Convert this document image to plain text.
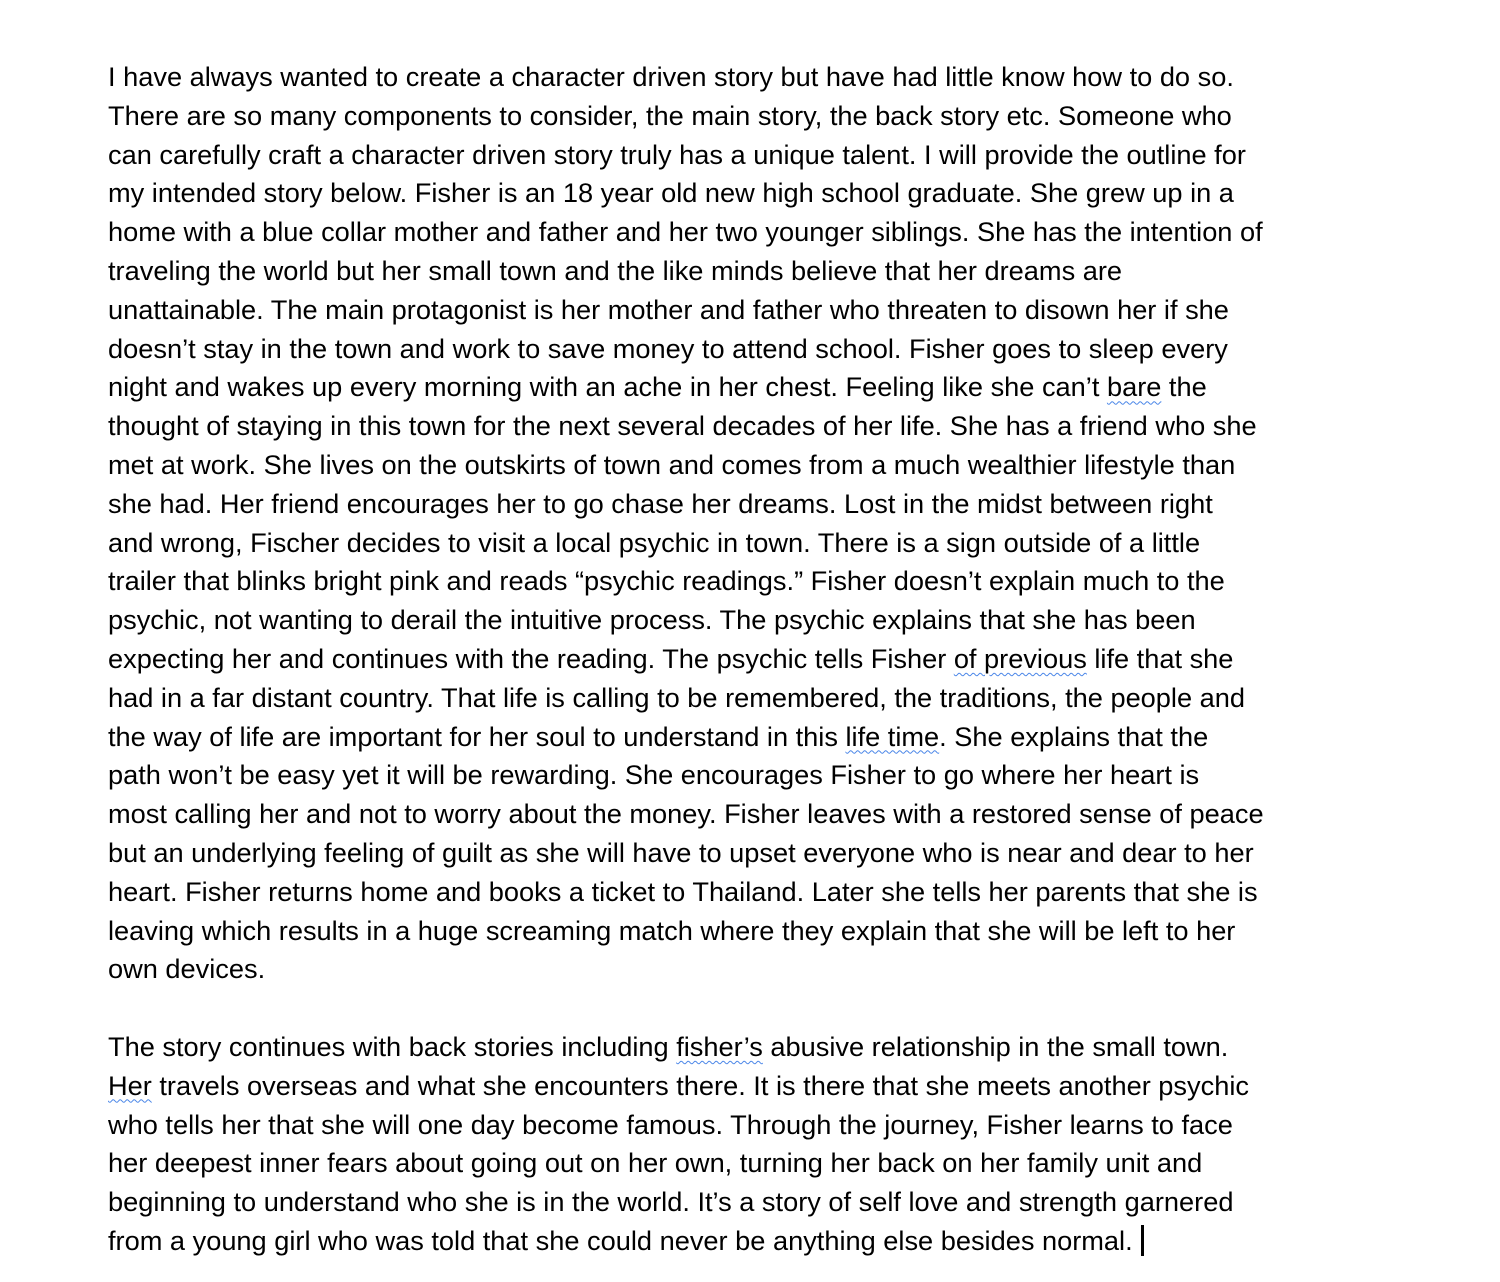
I have always wanted to create a character driven story but have had little know how to do so.
There are so many components to consider, the main story, the back story etc. Someone who
can carefully craft a character driven story truly has a unique talent. I will provide the outline for
my intended story below. Fisher is an 18 year old new high school graduate. She grew up in a
home with a blue collar mother and father and her two younger siblings. She has the intention of
traveling the world but her small town and the like minds believe that her dreams are
unattainable. The main protagonist is her mother and father who threaten to disown her if she
doesn’t stay in the town and work to save money to attend school. Fisher goes to sleep every
night and wakes up every morning with an ache in her chest. Feeling like she can’t bare the
thought of staying in this town for the next several decades of her life. She has a friend who she
met at work. She lives on the outskirts of town and comes from a much wealthier lifestyle than
she had. Her friend encourages her to go chase her dreams. Lost in the midst between right
and wrong, Fischer decides to visit a local psychic in town. There is a sign outside of a little
trailer that blinks bright pink and reads “psychic readings.” Fisher doesn’t explain much to the
psychic, not wanting to derail the intuitive process. The psychic explains that she has been
expecting her and continues with the reading. The psychic tells Fisher of previous life that she
had in a far distant country. That life is calling to be remembered, the traditions, the people and
the way of life are important for her soul to understand in this life time. She explains that the
path won’t be easy yet it will be rewarding. She encourages Fisher to go where her heart is
most calling her and not to worry about the money. Fisher leaves with a restored sense of peace
but an underlying feeling of guilt as she will have to upset everyone who is near and dear to her
heart. Fisher returns home and books a ticket to Thailand. Later she tells her parents that she is
leaving which results in a huge screaming match where they explain that she will be left to her
own devices.

The story continues with back stories including fisher’s abusive relationship in the small town.
Her travels overseas and what she encounters there. It is there that she meets another psychic
who tells her that she will one day become famous. Through the journey, Fisher learns to face
her deepest inner fears about going out on her own, turning her back on her family unit and
beginning to understand who she is in the world. It’s a story of self love and strength garnered
from a young girl who was told that she could never be anything else besides normal.
